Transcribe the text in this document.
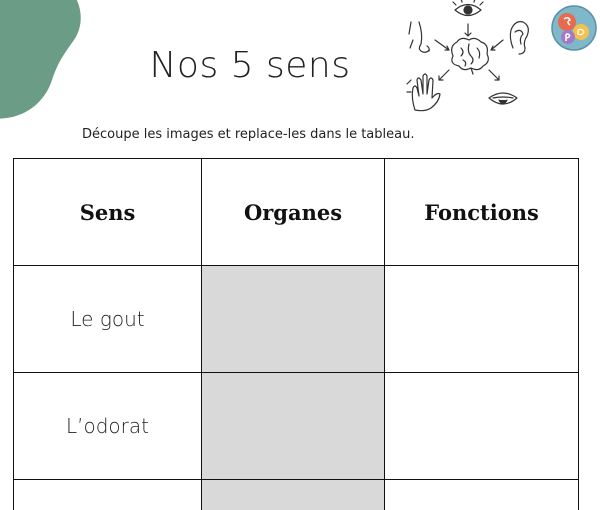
Nos 5 sens
Découpe les images et replace-les dans le tableau.
Sens	Organes	Fonctions
Le gout		
L’odorat		
